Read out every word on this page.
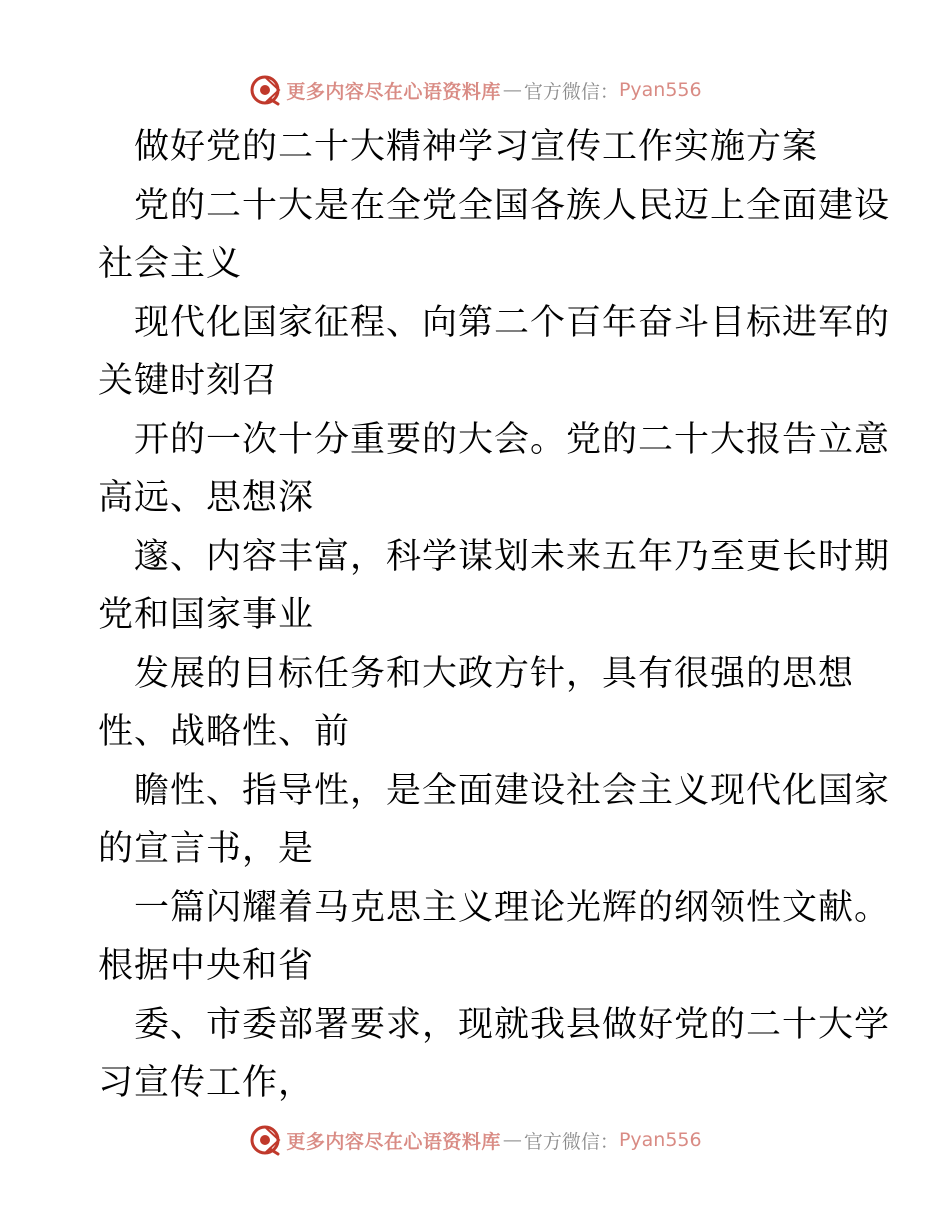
更多内容尽在心语资料库 — 官方微信： Pyan556
做好党的二十大精神学习宣传工作实施方案
党的二十大是在全党全国各族人民迈上全面建设
社会主义
现代化国家征程、向第二个百年奋斗目标进军的
关键时刻召
开的一次十分重要的大会。党的二十大报告立意
高远、思想深
邃、内容丰富，科学谋划未来五年乃至更长时期
党和国家事业
发展的目标任务和大政方针，具有很强的思想
性、战略性、前
瞻性、指导性，是全面建设社会主义现代化国家
的宣言书，是
一篇闪耀着马克思主义理论光辉的纲领性文献。
根据中央和省
委、市委部署要求，现就我县做好党的二十大学
习宣传工作，
更多内容尽在心语资料库 — 官方微信： Pyan556
